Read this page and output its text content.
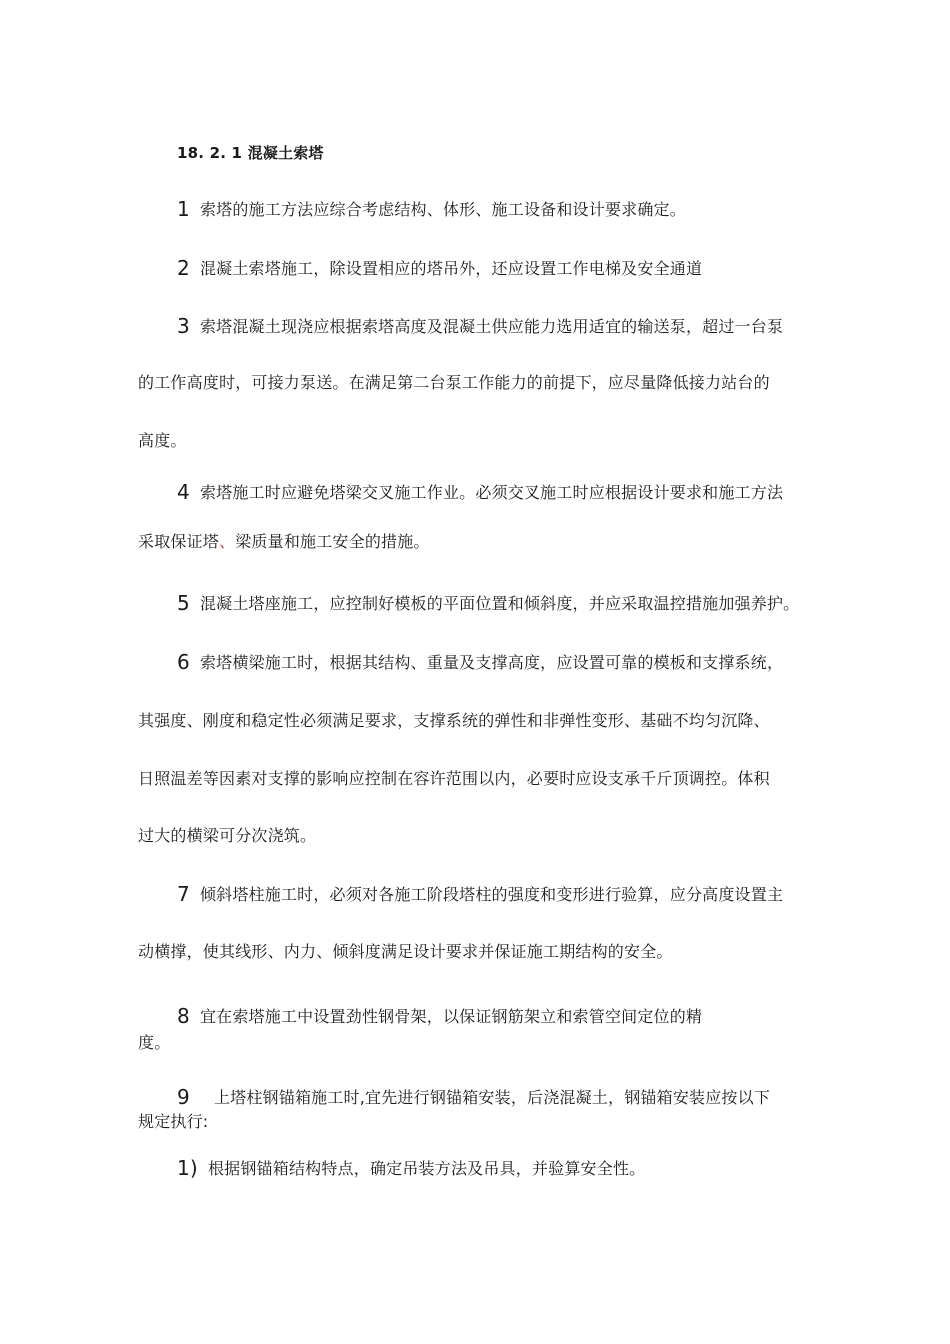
18. 2. 1 混凝土索塔
1 索塔的施工方法应综合考虑结构、体形、施工设备和设计要求确定。
2 混凝土索塔施工，除设置相应的塔吊外，还应设置工作电梯及安全通道
3 索塔混凝土现浇应根据索塔高度及混凝土供应能力选用适宜的输送泵，超过一台泵
的工作高度时，可接力泵送。在满足第二台泵工作能力的前提下，应尽量降低接力站台的
高度。
4 索塔施工时应避免塔梁交叉施工作业。必须交叉施工时应根据设计要求和施工方法
采取保证塔、梁质量和施工安全的措施。
5 混凝土塔座施工，应控制好模板的平面位置和倾斜度，并应采取温控措施加强养护。
6 索塔横梁施工时，根据其结构、重量及支撑高度，应设置可靠的模板和支撑系统，
其强度、刚度和稳定性必须满足要求，支撑系统的弹性和非弹性变形、基础不均匀沉降、
日照温差等因素对支撑的影响应控制在容许范围以内，必要时应设支承千斤顶调控。体积
过大的横梁可分次浇筑。
7 倾斜塔柱施工时，必须对各施工阶段塔柱的强度和变形进行验算，应分高度设置主
动横撑，使其线形、内力、倾斜度满足设计要求并保证施工期结构的安全。
8 宜在索塔施工中设置劲性钢骨架，以保证钢筋架立和索管空间定位的精
度。
9 上塔柱钢锚箱施工时,宜先进行钢锚箱安装，后浇混凝土，钢锚箱安装应按以下
规定执行:
1) 根据钢锚箱结构特点，确定吊装方法及吊具，并验算安全性。
